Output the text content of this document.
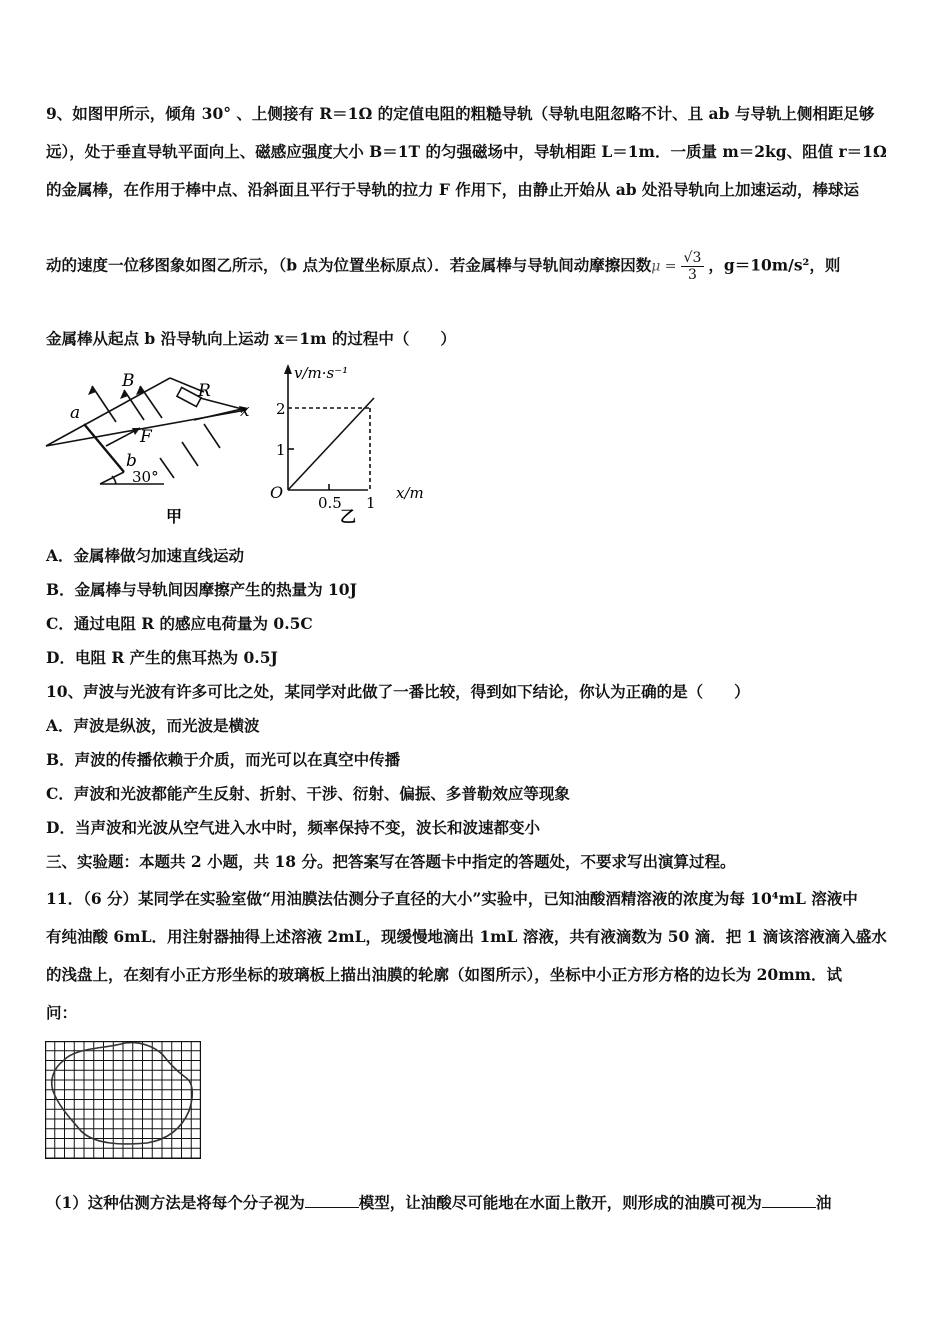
9、如图甲所示，倾角 30° 、上侧接有 R＝1Ω 的定值电阻的粗糙导轨（导轨电阻忽略不计、且 ab 与导轨上侧相距足够
远），处于垂直导轨平面向上、磁感应强度大小 B＝1T 的匀强磁场中，导轨相距 L＝1m．一质量 m＝2kg、阻值 r＝1Ω
的金属棒，在作用于棒中点、沿斜面且平行于导轨的拉力 F 作用下，由静止开始从 ab 处沿导轨向上加速运动，棒球运
动的速度一位移图象如图乙所示，（b 点为位置坐标原点）．若金属棒与导轨间动摩擦因数$\mu = \frac{√3}{3}$ ，g＝10m/s²，则
金属棒从起点 b 沿导轨向上运动 x＝1m 的过程中（　　）
B	R
x
a
F
b
30°
甲
v/m·s⁻¹
x/m
O
1
2
0.5 1
乙
A．金属棒做匀加速直线运动
B．金属棒与导轨间因摩擦产生的热量为 10J
C．通过电阻 R 的感应电荷量为 0.5C
D．电阻 R 产生的焦耳热为 0.5J
10、声波与光波有许多可比之处，某同学对此做了一番比较，得到如下结论，你认为正确的是（　　）
A．声波是纵波，而光波是横波
B．声波的传播依赖于介质，而光可以在真空中传播
C．声波和光波都能产生反射、折射、干涉、衍射、偏振、多普勒效应等现象
D．当声波和光波从空气进入水中时，频率保持不变，波长和波速都变小
三、实验题：本题共 2 小题，共 18 分。把答案写在答题卡中指定的答题处，不要求写出演算过程。
11．（6 分）某同学在实验室做“用油膜法估测分子直径的大小”实验中，已知油酸酒精溶液的浓度为每 10⁴mL 溶液中
有纯油酸 6mL．用注射器抽得上述溶液 2mL，现缓慢地滴出 1mL 溶液，共有液滴数为 50 滴．把 1 滴该溶液滴入盛水
的浅盘上，在刻有小正方形坐标的玻璃板上描出油膜的轮廓（如图所示），坐标中小正方形方格的边长为 20mm．试
问：
（1）这种估测方法是将每个分子视为	模型，让油酸尽可能地在水面上散开，则形成的油膜可视为	油
